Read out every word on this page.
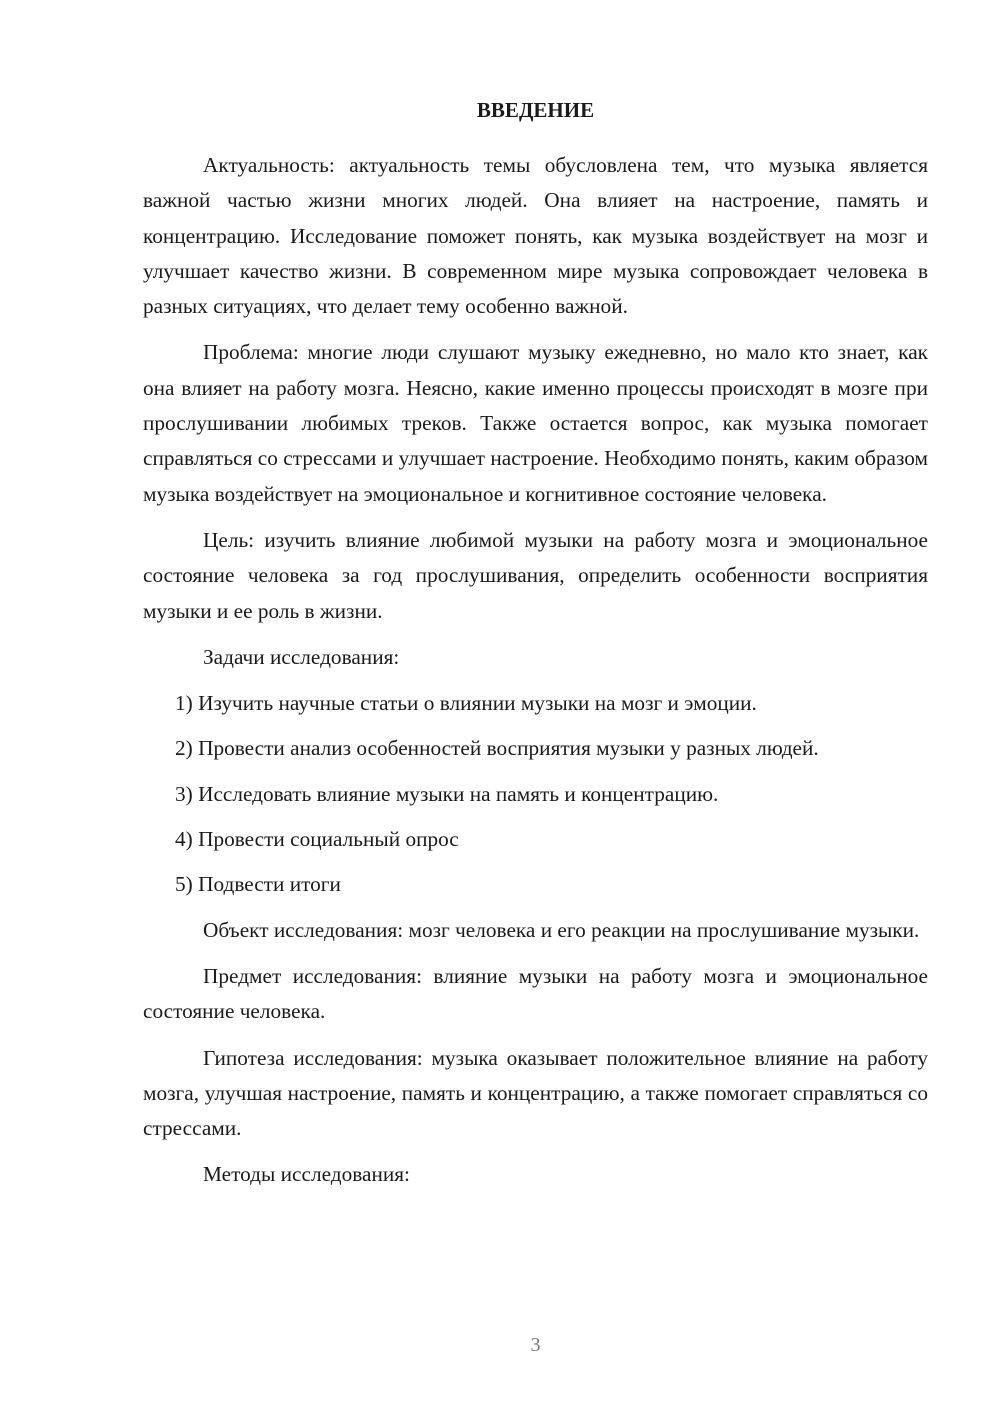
ВВЕДЕНИЕ

Актуальность: актуальность темы обусловлена тем, что музыка является важной частью жизни многих людей. Она влияет на настроение, память и концентрацию. Исследование поможет понять, как музыка воздействует на мозг и улучшает качество жизни. В современном мире музыка сопровождает человека в разных ситуациях, что делает тему особенно важной.

Проблема: многие люди слушают музыку ежедневно, но мало кто знает, как она влияет на работу мозга. Неясно, какие именно процессы происходят в мозге при прослушивании любимых треков. Также остается вопрос, как музыка помогает справляться со стрессами и улучшает настроение. Необходимо понять, каким образом музыка воздействует на эмоциональное и когнитивное состояние человека.

Цель: изучить влияние любимой музыки на работу мозга и эмоциональное состояние человека за год прослушивания, определить особенности восприятия музыки и ее роль в жизни.

Задачи исследования:

1) Изучить научные статьи о влиянии музыки на мозг и эмоции.

2) Провести анализ особенностей восприятия музыки у разных людей.

3) Исследовать влияние музыки на память и концентрацию.

4) Провести социальный опрос

5) Подвести итоги

Объект исследования: мозг человека и его реакции на прослушивание музыки.

Предмет исследования: влияние музыки на работу мозга и эмоциональное состояние человека.

Гипотеза исследования: музыка оказывает положительное влияние на работу мозга, улучшая настроение, память и концентрацию, а также помогает справляться со стрессами.

Методы исследования:

3
